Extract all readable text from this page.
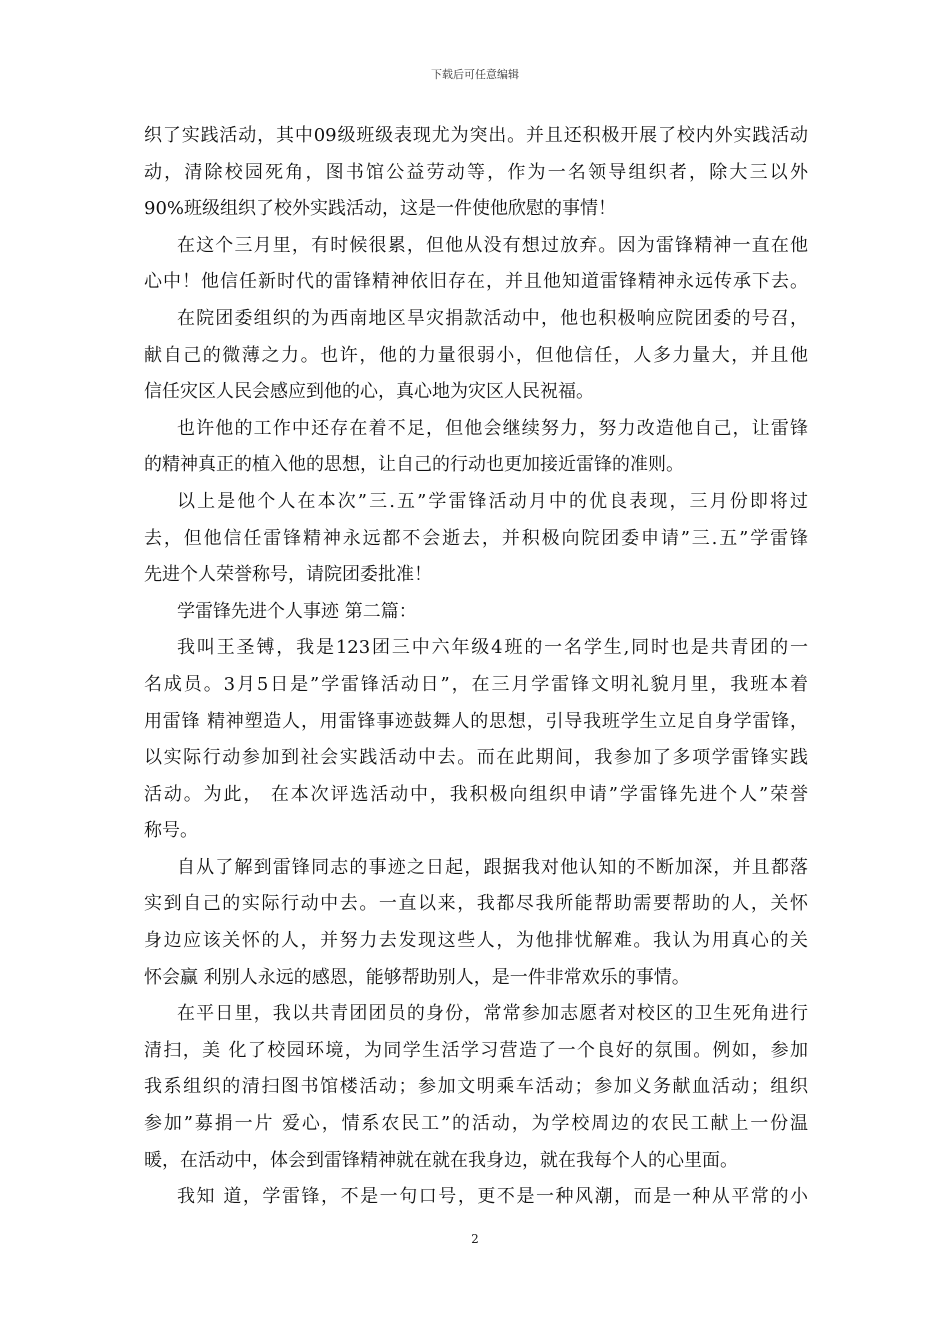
下载后可任意编辑
织了实践活动，其中09级班级表现尤为突出。并且还积极开展了校内外实践活动
动，清除校园死角，图书馆公益劳动等，作为一名领导组织者，除大三以外
90%班级组织了校外实践活动，这是一件使他欣慰的事情！
在这个三月里，有时候很累，但他从没有想过放弃。因为雷锋精神一直在他
心中！他信任新时代的雷锋精神依旧存在，并且他知道雷锋精神永远传承下去。
在院团委组织的为西南地区旱灾捐款活动中，他也积极响应院团委的号召，
献自己的微薄之力。也许，他的力量很弱小，但他信任，人多力量大，并且他
信任灾区人民会感应到他的心，真心地为灾区人民祝福。
也许他的工作中还存在着不足，但他会继续努力，努力改造他自己，让雷锋
的精神真正的植入他的思想，让自己的行动也更加接近雷锋的准则。
以上是他个人在本次”三.五”学雷锋活动月中的优良表现，三月份即将过
去，但他信任雷锋精神永远都不会逝去，并积极向院团委申请”三.五”学雷锋
先进个人荣誉称号，请院团委批准！
学雷锋先进个人事迹 第二篇：
我叫王圣镈，我是123团三中六年级4班的一名学生,同时也是共青团的一
名成员。3月5日是”学雷锋活动日”，在三月学雷锋文明礼貌月里，我班本着
用雷锋 精神塑造人，用雷锋事迹鼓舞人的思想，引导我班学生立足自身学雷锋，
以实际行动参加到社会实践活动中去。而在此期间，我参加了多项学雷锋实践
活动。为此， 在本次评选活动中，我积极向组织申请”学雷锋先进个人”荣誉
称号。
自从了解到雷锋同志的事迹之日起，跟据我对他认知的不断加深，并且都落
实到自己的实际行动中去。一直以来，我都尽我所能帮助需要帮助的人，关怀
身边应该关怀的人，并努力去发现这些人，为他排忧解难。我认为用真心的关
怀会赢 利别人永远的感恩，能够帮助别人，是一件非常欢乐的事情。
在平日里，我以共青团团员的身份，常常参加志愿者对校区的卫生死角进行
清扫，美 化了校园环境，为同学生活学习营造了一个良好的氛围。例如，参加
我系组织的清扫图书馆楼活动；参加文明乘车活动；参加义务献血活动；组织
参加”募捐一片 爱心，情系农民工”的活动，为学校周边的农民工献上一份温
暖，在活动中，体会到雷锋精神就在就在我身边，就在我每个人的心里面。
我知 道，学雷锋，不是一句口号，更不是一种风潮，而是一种从平常的小
2
